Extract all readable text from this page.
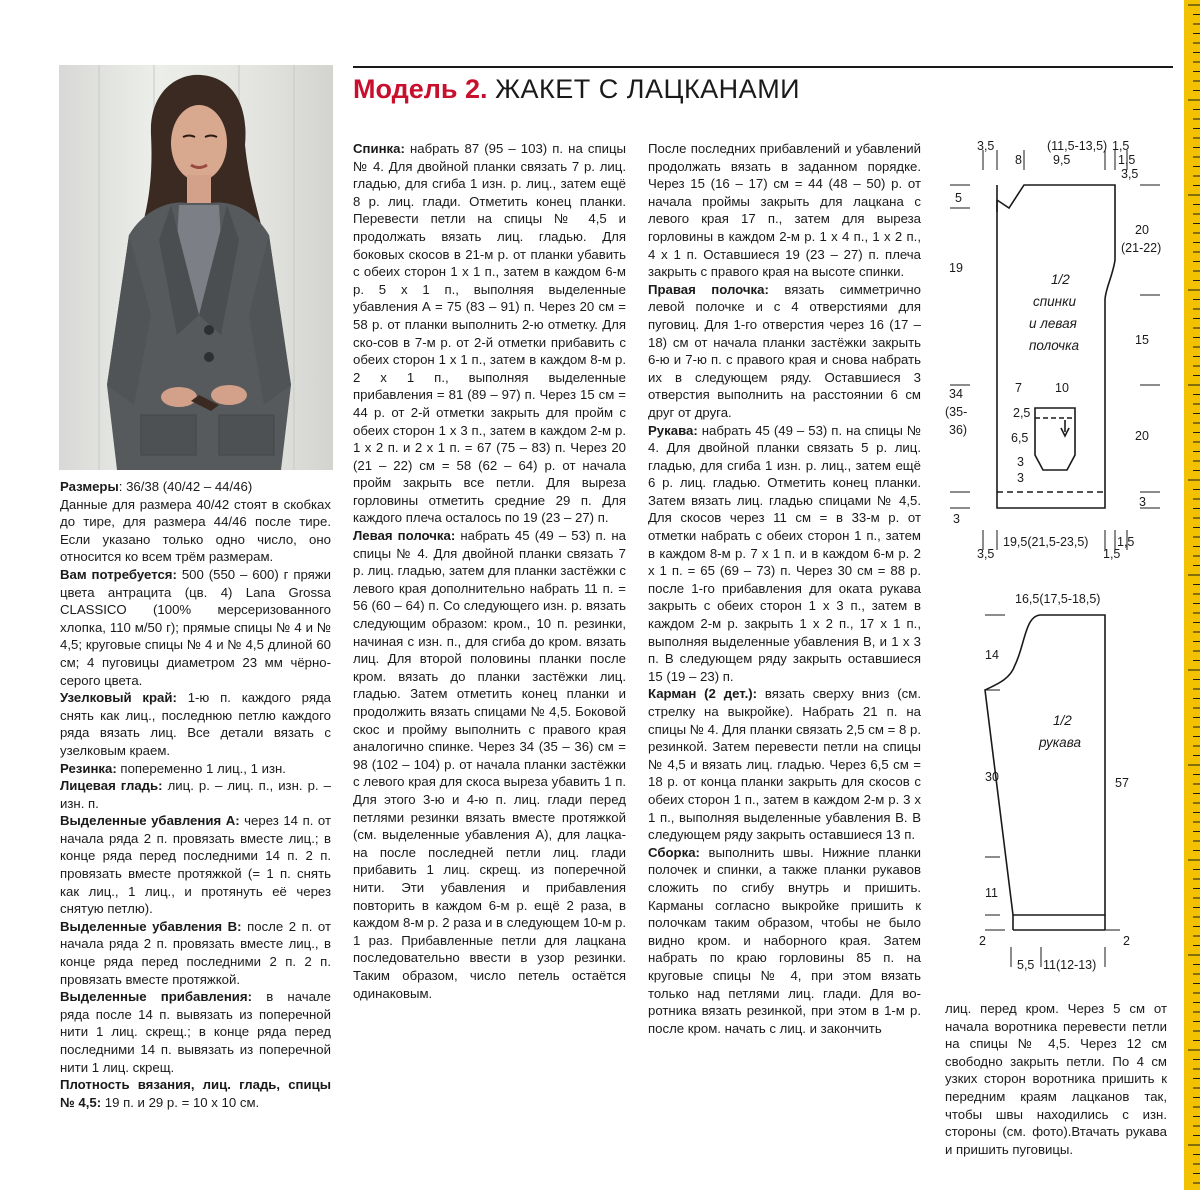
Модель 2. ЖАКЕТ С ЛАЦКАНАМИ

Размеры: 36/38 (40/42 – 44/46)

Данные для размера 40/42 стоят в скобках до тире, для размера 44/46 после тире. Если указано только одно число, оно относится ко всем трём размерам.

Вам потребуется: 500 (550 – 600) г пряжи цвета антрацита (цв. 4) Lana Grossa CLASSICO (100% мерсеризованного хлопка, 110 м/50 г); прямые спицы № 4 и № 4,5; круговые спицы № 4 и № 4,5 длиной 60 см; 4 пуговицы диаметром 23 мм чёрно-серого цвета.

Узелковый край: 1-ю п. каждого ряда снять как лиц., последнюю петлю каждого ряда вязать лиц. Все детали вязать с узелковым краем.

Резинка: попеременно 1 лиц., 1 изн.

Лицевая гладь: лиц. р. – лиц. п., изн. р. – изн. п.

Выделенные убавления А: через 14 п. от начала ряда 2 п. провязать вместе лиц.; в конце ряда перед последними 14 п. 2 п. провязать вместе протяжкой (= 1 п. снять как лиц., 1 лиц., и протянуть её через снятую петлю).

Выделенные убавления В: после 2 п. от начала ряда 2 п. провязать вместе лиц., в конце ряда перед последними 2 п. 2 п. провязать вместе протяжкой.

Выделенные прибавления: в начале ряда после 14 п. вывязать из поперечной нити 1 лиц. скрещ.; в конце ряда перед последними 14 п. вывязать из поперечной нити 1 лиц. скрещ.

Плотность вязания, лиц. гладь, спицы № 4,5: 19 п. и 29 р. = 10 х 10 см.

Спинка: набрать 87 (95 – 103) п. на спицы № 4. Для двойной планки связать 7 р. лиц. гладью, для сгиба 1 изн. р. лиц., затем ещё 8 р. лиц. глади. Отметить конец планки. Перевести петли на спицы № 4,5 и продолжать вязать лиц. гладью. Для боковых скосов в 21-м р. от планки убавить с обеих сторон 1 х 1 п., затем в каждом 6-м р. 5 х 1 п., выполняя выделенные убавления А = 75 (83 – 91) п. Через 20 см = 58 р. от планки выполнить 2-ю отметку. Для ско-сов в 7-м р. от 2-й отметки прибавить с обеих сторон 1 х 1 п., затем в каждом 8-м р. 2 х 1 п., выполняя выделенные прибавления = 81 (89 – 97) п. Через 15 см = 44 р. от 2-й отметки закрыть для пройм с обеих сторон 1 х 3 п., затем в каждом 2-м р. 1 х 2 п. и 2 х 1 п. = 67 (75 – 83) п. Через 20 (21 – 22) см = 58 (62 – 64) р. от начала пройм закрыть все петли. Для выреза горловины отметить средние 29 п. Для каждого плеча осталось по 19 (23 – 27) п.

Левая полочка: набрать 45 (49 – 53) п. на спицы № 4. Для двойной планки связать 7 р. лиц. гладью, затем для планки застёжки с левого края дополнительно набрать 11 п. = 56 (60 – 64) п. Со следующего изн. р. вязать следующим образом: кром., 10 п. резинки, начиная с изн. п., для сгиба до кром. вязать лиц. Для второй половины планки после кром. вязать до планки застёжки лиц. гладью. Затем отметить конец планки и продолжить вязать спицами № 4,5. Боковой скос и пройму выполнить с правого края аналогично спинке. Через 34 (35 – 36) см = 98 (102 – 104) р. от начала планки застёжки с левого края для скоса выреза убавить 1 п. Для этого 3-ю и 4-ю п. лиц. глади перед петлями резинки вязать вместе протяжкой (см. выделенные убавления А), для лацкана после последней петли лиц. глади прибавить 1 лиц. скрещ. из поперечной нити. Эти убавления и прибавления повторить в каждом 6-м р. ещё 2 раза, в каждом 8-м р. 2 раза и в следующем 10-м р. 1 раз. Прибавленные петли для лацкана последовательно ввести в узор резинки. Таким образом, число петель остаётся одинаковым.

После последних прибавлений и убавлений продолжать вязать в заданном порядке. Через 15 (16 – 17) см = 44 (48 – 50) р. от начала проймы закрыть для лацкана с левого края 17 п., затем для выреза горловины в каждом 2-м р. 1 х 4 п., 1 х 2 п., 4 х 1 п. Оставшиеся 19 (23 – 27) п. плеча закрыть с правого края на высоте спинки.

Правая полочка: вязать симметрично левой полочке и с 4 отверстиями для пуговиц. Для 1-го отверстия через 16 (17 – 18) см от начала планки застёжки закрыть 6-ю и 7-ю п. с правого края и снова набрать их в следующем ряду. Оставшиеся 3 отверстия выполнить на расстоянии 6 см друг от друга.

Рукава: набрать 45 (49 – 53) п. на спицы № 4. Для двойной планки связать 5 р. лиц. гладью, для сгиба 1 изн. р. лиц., затем ещё 6 р. лиц. гладью. Отметить конец планки. Затем вязать лиц. гладью спицами № 4,5. Для скосов через 11 см = в 33-м р. от отметки набрать с обеих сторон 1 п., затем в каждом 8-м р. 7 х 1 п. и в каждом 6-м р. 2 х 1 п. = 65 (69 – 73) п. Через 30 см = 88 р. после 1-го прибавления для оката рукава закрыть с обеих сторон 1 х 3 п., затем в каждом 2-м р. закрыть 1 х 2 п., 17 х 1 п., выполняя выделенные убавления В, и 1 х 3 п. В следующем ряду закрыть оставшиеся 15 (19 – 23) п.

Карман (2 дет.): вязать сверху вниз (см. стрелку на выкройке). Набрать 21 п. на спицы № 4. Для планки связать 2,5 см = 8 р. резинкой. Затем перевести петли на спицы № 4,5 и вязать лиц. гладью. Через 6,5 см = 18 р. от конца планки закрыть для скосов с обеих сторон 1 п., затем в каждом 2-м р. 3 х 1 п., выполняя выделенные убавления В. В следующем ряду закрыть оставшиеся 13 п.

Сборка: выполнить швы. Нижние планки полочек и спинки, а также планки рукавов сложить по сгибу внутрь и пришить. Карманы согласно выкройке пришить к полочкам таким образом, чтобы не было видно кром. и наборного края. Затем набрать по краю горловины 85 п. на круговые спицы № 4, при этом вязать только над петлями лиц. глади. Для воротника вязать резинкой, при этом в 1-м р. после кром. начать с лиц. и закончить

лиц. перед кром. Через 5 см от начала воротника перевести петли на спицы № 4,5. Через 12 см свободно закрыть петли. По 4 см узких сторон воротника пришить к передним краям лацканов так, чтобы швы находились с изн. стороны (см. фото).Втачать рукава и пришить пуговицы.

3,5
8
(11,5-13,5)
9,5
1,5
1,5
3,5
5
19
34
(35-
36)
3
20
(21-22)
15
20
3
1/2
спинки
и левая
полочка
7	10
2,5
6,5
3
3
3,5
19,5(21,5-23,5)
1,5
1,5
16,5(17,5-18,5)
14
30
11
2
57
2
1/2
рукава
5,5 11(12-13)
